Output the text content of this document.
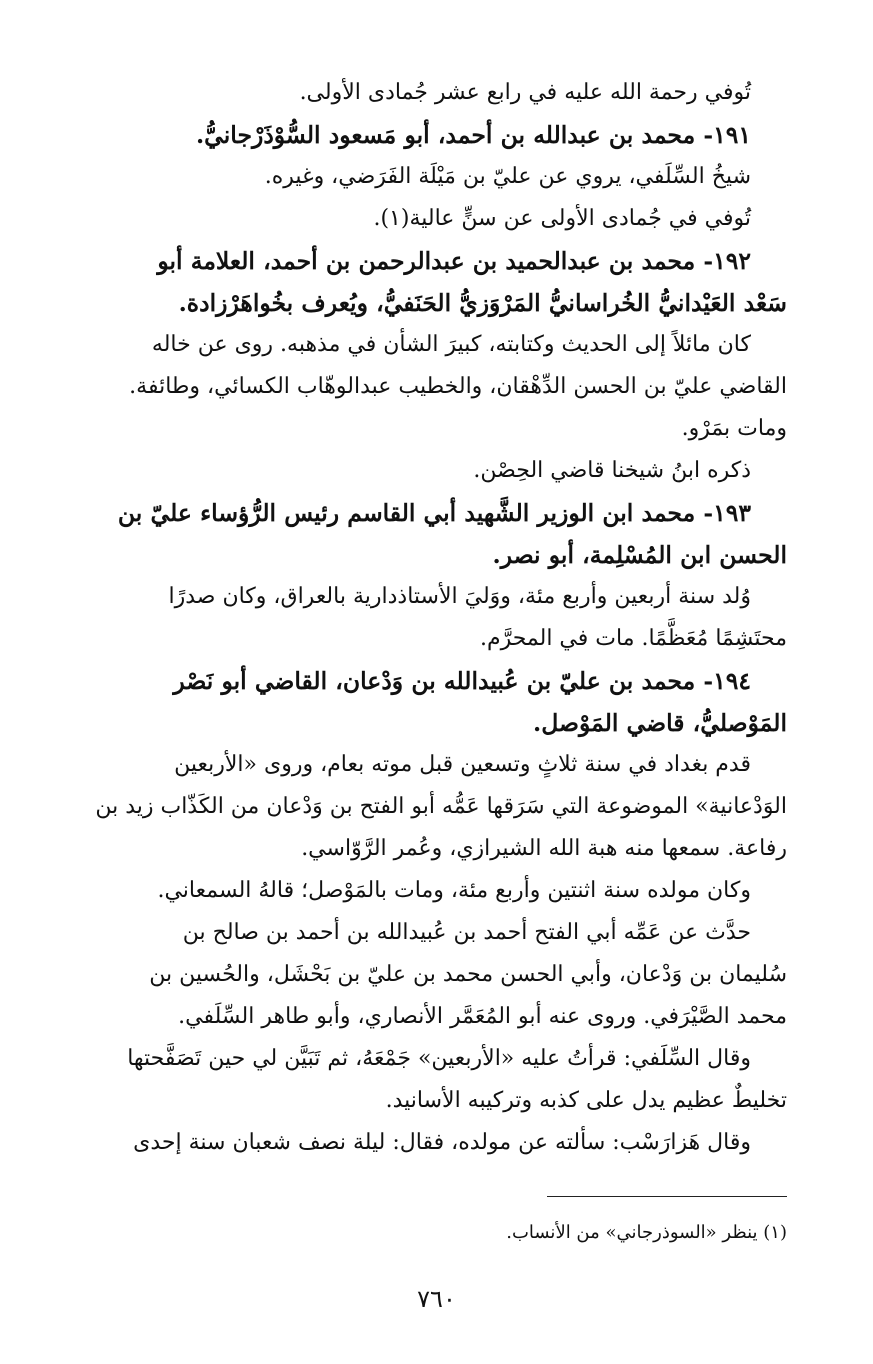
تُوفي رحمة الله عليه في رابع عشر جُمادى الأولى.
١٩١- محمد بن عبدالله بن أحمد، أبو مَسعود السُّوْذَرْجانيُّ.
شيخُ السِّلَفي، يروي عن عليّ بن مَيْلَة الفَرَضي، وغيره.
تُوفي في جُمادى الأولى عن سنٍّ عالية(١).
١٩٢- محمد بن عبدالحميد بن عبدالرحمن بن أحمد، العلامة أبو
سَعْد العَيْدانيُّ الخُراسانيُّ المَرْوَزيُّ الحَنَفيُّ، ويُعرف بخُواهَرْزادة.
كان مائلاً إلى الحديث وكتابته، كبيرَ الشأن في مذهبه. روى عن خاله
القاضي عليّ بن الحسن الدِّهْقان، والخطيب عبدالوهّاب الكسائي، وطائفة.
ومات بمَرْو.
ذكره ابنُ شيخنا قاضي الحِصْن.
١٩٣- محمد ابن الوزير الشَّهيد أبي القاسم رئيس الرُّؤساء عليّ بن
الحسن ابن المُسْلِمة، أبو نصر.
وُلد سنة أربعين وأربع مئة، ووَليَ الأستاذدارية بالعراق، وكان صدرًا
محتَشِمًا مُعَظَّمًا. مات في المحرَّم.
١٩٤- محمد بن عليّ بن عُبيدالله بن وَدْعان، القاضي أبو نَصْر
المَوْصليُّ، قاضي المَوْصل.
قدم بغداد في سنة ثلاثٍ وتسعين قبل موته بعام، وروى «الأربعين
الوَدْعانية» الموضوعة التي سَرَقها عَمُّه أبو الفتح بن وَدْعان من الكَذّاب زيد بن
رفاعة. سمعها منه هبة الله الشيرازي، وعُمر الرَّوّاسي.
وكان مولده سنة اثنتين وأربع مئة، ومات بالمَوْصل؛ قالهُ السمعاني.
حدَّث عن عَمِّه أبي الفتح أحمد بن عُبيدالله بن أحمد بن صالح بن
سُليمان بن وَدْعان، وأبي الحسن محمد بن عليّ بن بَحْشَل، والحُسين بن
محمد الصَّيْرَفي. وروى عنه أبو المُعَمَّر الأنصاري، وأبو طاهر السِّلَفي.
وقال السِّلَفي: قرأتُ عليه «الأربعين» جَمْعَهُ، ثم تَبَيَّن لي حين تَصَفَّحتها
تخليطٌ عظيم يدل على كذبه وتركيبه الأسانيد.
وقال هَزارَسْب: سألته عن مولده، فقال: ليلة نصف شعبان سنة إحدى
(١) ينظر «السوذرجاني» من الأنساب.
٧٦٠
